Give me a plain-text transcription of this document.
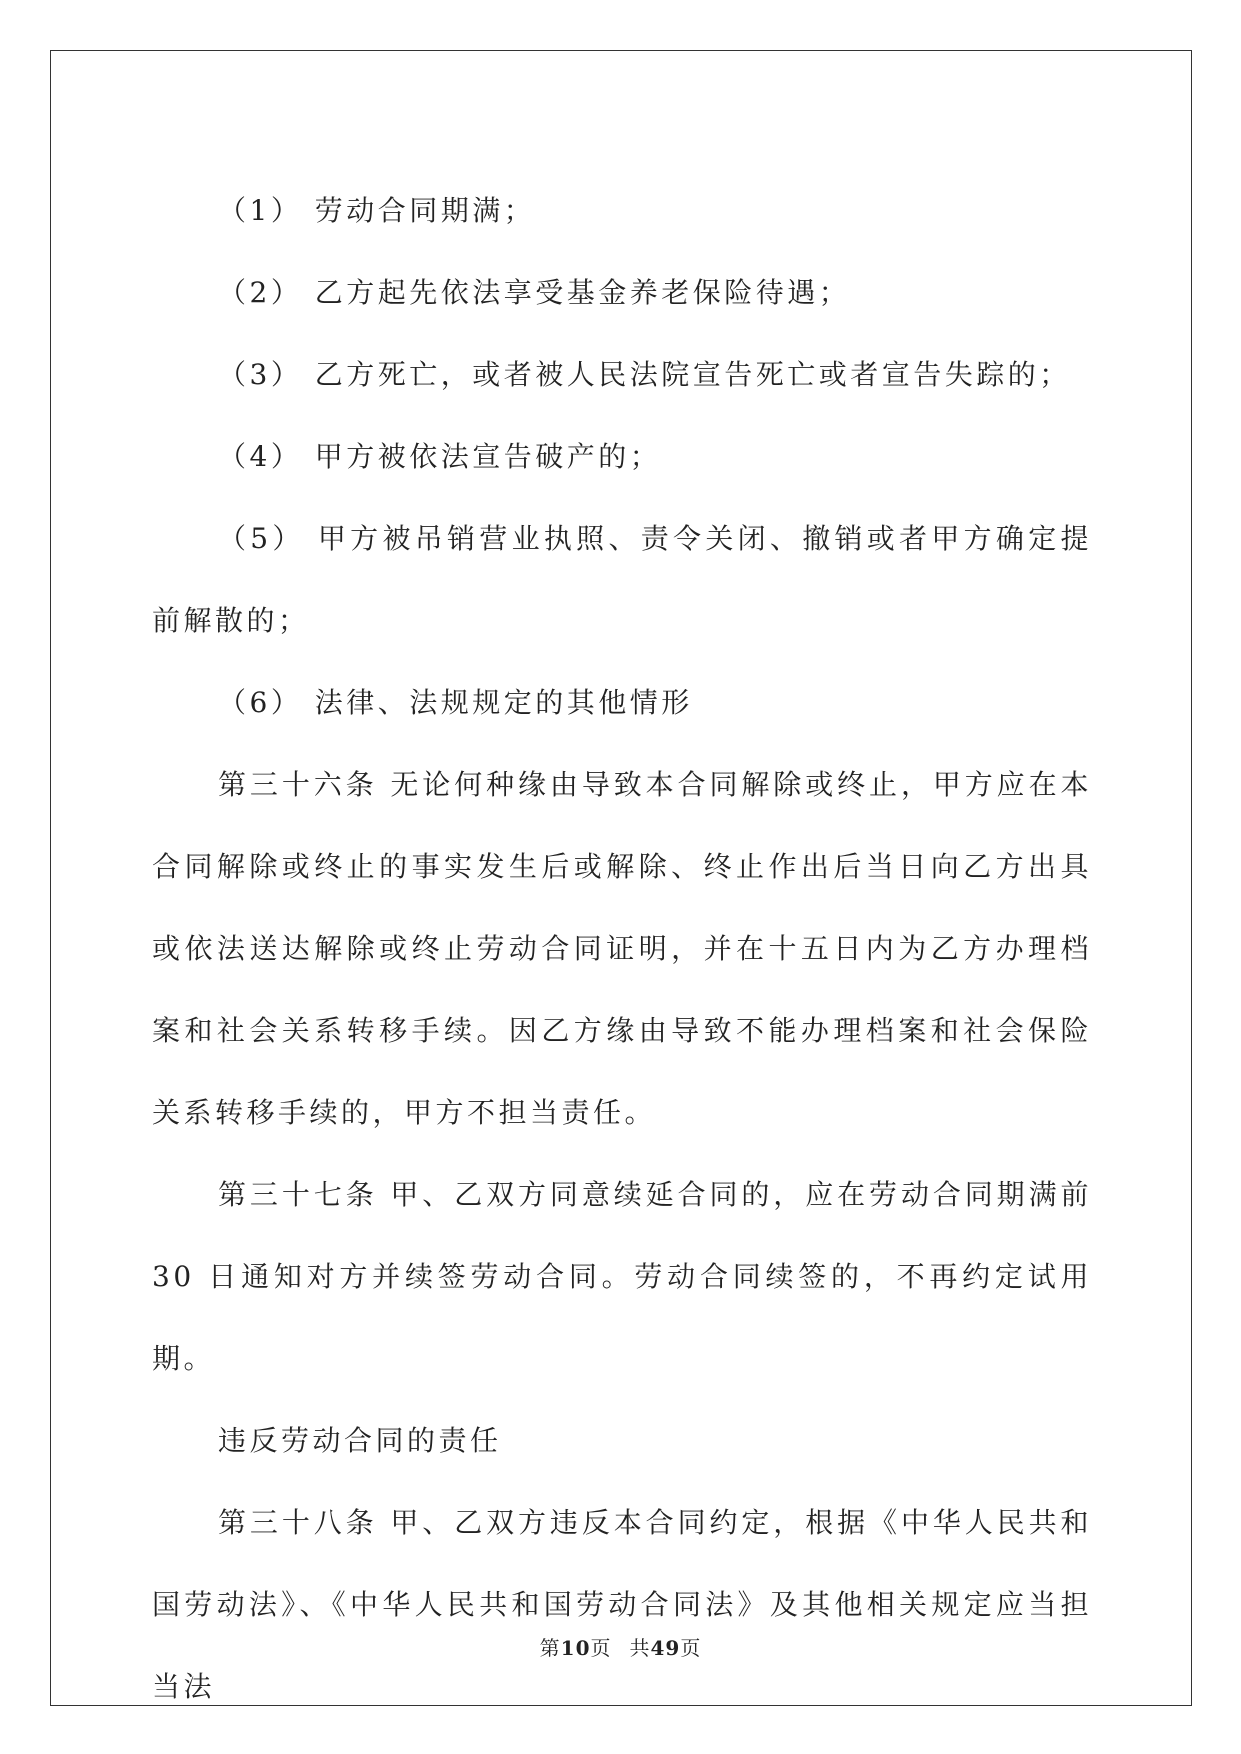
（1） 劳动合同期满；

（2） 乙方起先依法享受基金养老保险待遇；

（3） 乙方死亡，或者被人民法院宣告死亡或者宣告失踪的；

（4） 甲方被依法宣告破产的；

（5） 甲方被吊销营业执照、责令关闭、撤销或者甲方确定提前解散的；

（6） 法律、法规规定的其他情形

第三十六条 无论何种缘由导致本合同解除或终止，甲方应在本合同解除或终止的事实发生后或解除、终止作出后当日向乙方出具或依法送达解除或终止劳动合同证明，并在十五日内为乙方办理档案和社会关系转移手续。因乙方缘由导致不能办理档案和社会保险关系转移手续的，甲方不担当责任。

第三十七条 甲、乙双方同意续延合同的，应在劳动合同期满前 30 日通知对方并续签劳动合同。劳动合同续签的，不再约定试用期。

违反劳动合同的责任

第三十八条 甲、乙双方违反本合同约定，根据《中华人民共和国劳动法》、《中华人民共和国劳动合同法》及其他相关规定应当担当法

第10页 共49页
